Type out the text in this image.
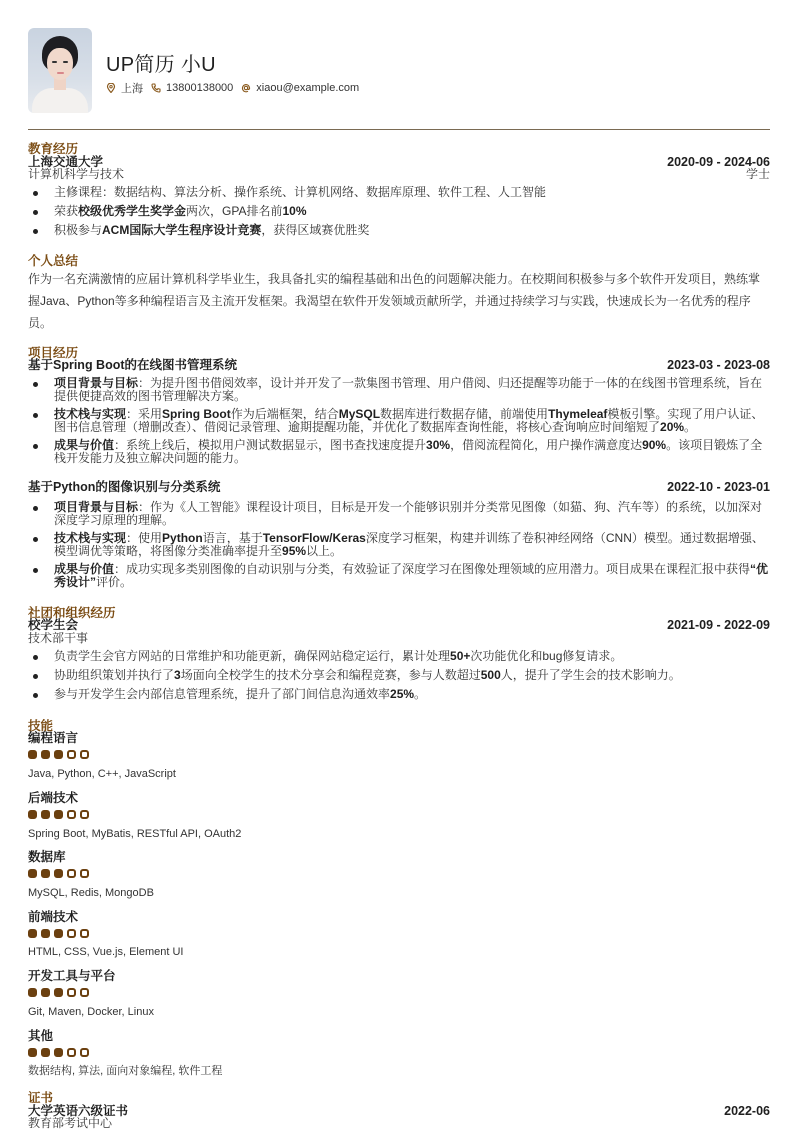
UP简历 小U
上海 13800138000 xiaou@example.com
教育经历
上海交通大学	2020-09 - 2024-06
计算机科学与技术	学士
主修课程：数据结构、算法分析、操作系统、计算机网络、数据库原理、软件工程、人工智能
荣获校级优秀学生奖学金两次，GPA排名前10%
积极参与ACM国际大学生程序设计竞赛，获得区域赛优胜奖
个人总结
作为一名充满激情的应届计算机科学毕业生，我具备扎实的编程基础和出色的问题解决能力。在校期间积极参与多个软件开发项目，熟练掌握Java、Python等多种编程语言及主流开发框架。我渴望在软件开发领域贡献所学，并通过持续学习与实践，快速成长为一名优秀的程序员。
项目经历
基于Spring Boot的在线图书管理系统	2023-03 - 2023-08
项目背景与目标：为提升图书借阅效率，设计并开发了一款集图书管理、用户借阅、归还提醒等功能于一体的在线图书管理系统，旨在提供便捷高效的图书管理解决方案。
技术栈与实现：采用Spring Boot作为后端框架，结合MySQL数据库进行数据存储，前端使用Thymeleaf模板引擎。实现了用户认证、图书信息管理（增删改查）、借阅记录管理、逾期提醒功能，并优化了数据库查询性能，将核心查询响应时间缩短了20%。
成果与价值：系统上线后，模拟用户测试数据显示，图书查找速度提升30%，借阅流程简化，用户操作满意度达90%。该项目锻炼了全栈开发能力及独立解决问题的能力。
基于Python的图像识别与分类系统	2022-10 - 2023-01
项目背景与目标：作为《人工智能》课程设计项目，目标是开发一个能够识别并分类常见图像（如猫、狗、汽车等）的系统，以加深对深度学习原理的理解。
技术栈与实现：使用Python语言，基于TensorFlow/Keras深度学习框架，构建并训练了卷积神经网络（CNN）模型。通过数据增强、模型调优等策略，将图像分类准确率提升至95%以上。
成果与价值：成功实现多类别图像的自动识别与分类，有效验证了深度学习在图像处理领域的应用潜力。项目成果在课程汇报中获得“优秀设计”评价。
社团和组织经历
校学生会	2021-09 - 2022-09
技术部干事
负责学生会官方网站的日常维护和功能更新，确保网站稳定运行，累计处理50+次功能优化和bug修复请求。
协助组织策划并执行了3场面向全校学生的技术分享会和编程竞赛，参与人数超过500人，提升了学生会的技术影响力。
参与开发学生会内部信息管理系统，提升了部门间信息沟通效率25%。
技能
编程语言
Java, Python, C++, JavaScript
后端技术
Spring Boot, MyBatis, RESTful API, OAuth2
数据库
MySQL, Redis, MongoDB
前端技术
HTML, CSS, Vue.js, Element UI
开发工具与平台
Git, Maven, Docker, Linux
其他
数据结构, 算法, 面向对象编程, 软件工程
证书
大学英语六级证书	2022-06
教育部考试中心
